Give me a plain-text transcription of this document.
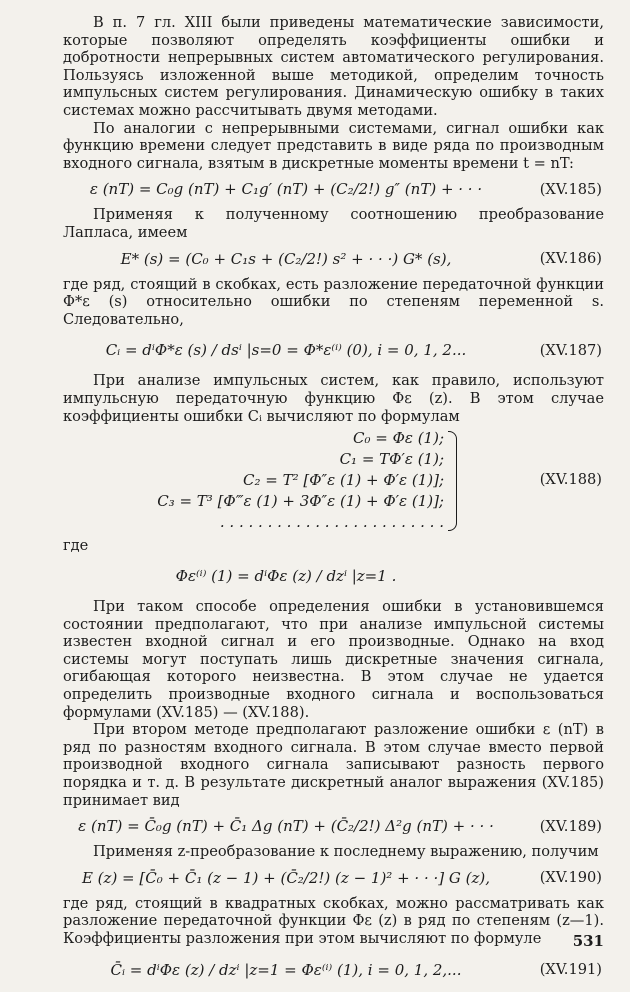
В п. 7 гл. XIII были приведены математические зависимости, которые позволяют определять коэффициенты ошибки и добротности непрерывных систем автоматического регулирования. Пользуясь изложенной выше методикой, определим точность импульсных систем регулирования. Динамическую ошибку в таких системах можно рассчитывать двумя методами.

По аналогии с непрерывными системами, сигнал ошибки как функцию времени следует представить в виде ряда по производным входного сигнала, взятым в дискретные моменты времени t = nT:

ε (nT) = C₀g (nT) + C₁g′ (nT) + (C₂/2!) g″ (nT) + · · ·	(XV.185)

Применяя к полученному соотношению преобразование Лапласа, имеем

E* (s) = (C₀ + C₁s + (C₂/2!) s² + · · ·) G* (s),	(XV.186)

где ряд, стоящий в скобках, есть разложение передаточной функции Φ*ε (s) относительно ошибки по степеням переменной s. Следовательно,

Cᵢ = dⁱΦ*ε (s) / dsⁱ |s=0 = Φ*ε⁽ⁱ⁾ (0), i = 0, 1, 2...	(XV.187)

При анализе импульсных систем, как правило, используют импульсную передаточную функцию Φε (z). В этом случае коэффициенты ошибки Cᵢ вычисляют по формулам

C₀ = Φε (1);
C₁ = TΦ′ε (1);
C₂ = T² [Φ″ε (1) + Φ′ε (1)];
C₃ = T³ [Φ‴ε (1) + 3Φ″ε (1) + Φ′ε (1)];
. . . . . . . . . . . . . . . . . . . . . . . .
(XV.188)
где
Φε⁽ⁱ⁾ (1) = dⁱΦε (z) / dzⁱ |z=1 .

При таком способе определения ошибки в установившемся состоянии предполагают, что при анализе импульсной системы известен входной сигнал и его производные. Однако на вход системы могут поступать лишь дискретные значения сигнала, огибающая которого неизвестна. В этом случае не удается определить производные входного сигнала и воспользоваться формулами (XV.185) — (XV.188).

При втором методе предполагают разложение ошибки ε (nT) в ряд по разностям входного сигнала. В этом случае вместо первой производной входного сигнала записывают разность первого порядка и т. д. В результате дискретный аналог выражения (XV.185) принимает вид

ε (nT) = C̄₀g (nT) + C̄₁ Δg (nT) + (C̄₂/2!) Δ²g (nT) + · · ·	(XV.189)

Применяя z-преобразование к последнему выражению, получим

E (z) = [C̄₀ + C̄₁ (z − 1) + (C̄₂/2!) (z − 1)² + · · ·] G (z),	(XV.190)

где ряд, стоящий в квадратных скобках, можно рассматривать как разложение передаточной функции Φε (z) в ряд по степеням (z—1). Коэффициенты разложения при этом вычисляют по формуле

C̄ᵢ = dⁱΦε (z) / dzⁱ |z=1 = Φε⁽ⁱ⁾ (1), i = 0, 1, 2,...	(XV.191)
531
